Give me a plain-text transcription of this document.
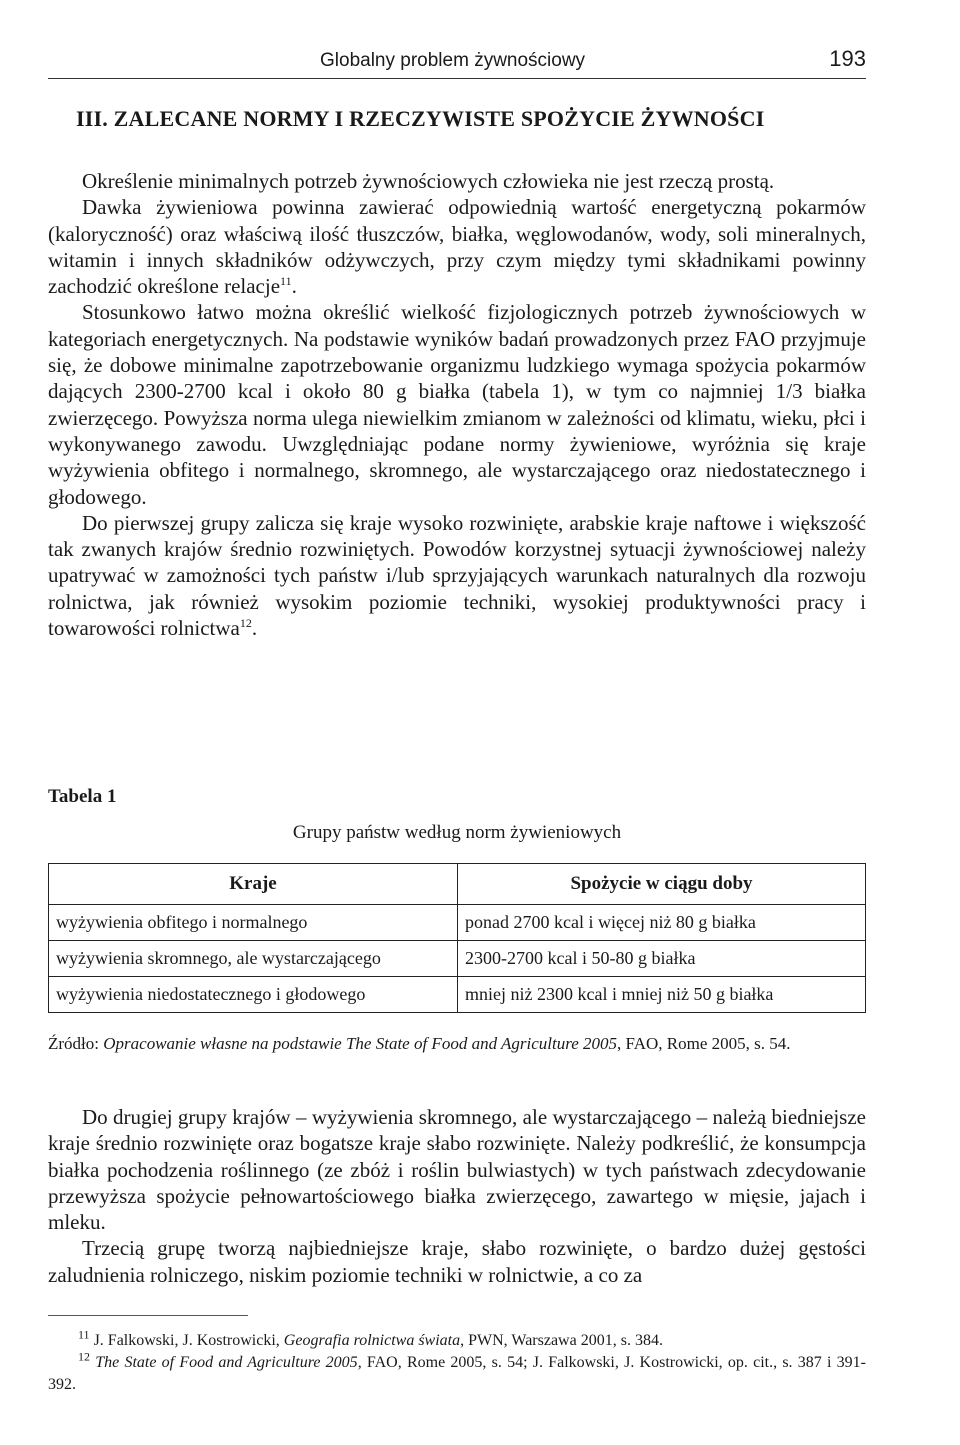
Globalny problem żywnościowy	193
III. ZALECANE NORMY I RZECZYWISTE SPOŻYCIE ŻYWNOŚCI

Określenie minimalnych potrzeb żywnościowych człowieka nie jest rzeczą prostą.

Dawka żywieniowa powinna zawierać odpowiednią wartość energetyczną pokarmów (kaloryczność) oraz właściwą ilość tłuszczów, białka, węglowodanów, wody, soli mineralnych, witamin i innych składników odżywczych, przy czym między tymi składnikami powinny zachodzić określone relacje$^{11}$.

Stosunkowo łatwo można określić wielkość fizjologicznych potrzeb żywnościowych w kategoriach energetycznych. Na podstawie wyników badań prowadzonych przez FAO przyjmuje się, że dobowe minimalne zapotrzebowanie organizmu ludzkiego wymaga spożycia pokarmów dających 2300-2700 kcal i około 80 g białka (tabela 1), w tym co najmniej 1/3 białka zwierzęcego. Powyższa norma ulega niewielkim zmianom w zależności od klimatu, wieku, płci i wykonywanego zawodu. Uwzględniając podane normy żywieniowe, wyróżnia się kraje wyżywienia obfitego i normalnego, skromnego, ale wystarczającego oraz niedostatecznego i głodowego.

Do pierwszej grupy zalicza się kraje wysoko rozwinięte, arabskie kraje naftowe i większość tak zwanych krajów średnio rozwiniętych. Powodów korzystnej sytuacji żywnościowej należy upatrywać w zamożności tych państw i/lub sprzyjających warunkach naturalnych dla rozwoju rolnictwa, jak również wysokim poziomie techniki, wysokiej produktywności pracy i towarowości rolnictwa$^{12}$.

Tabela 1
Grupy państw według norm żywieniowych
Kraje	Spożycie w ciągu doby
wyżywienia obfitego i normalnego	ponad 2700 kcal i więcej niż 80 g białka
wyżywienia skromnego, ale wystarczającego	2300-2700 kcal i 50-80 g białka
wyżywienia niedostatecznego i głodowego	mniej niż 2300 kcal i mniej niż 50 g białka
Źródło: Opracowanie własne na podstawie The State of Food and Agriculture 2005, FAO, Rome 2005, s. 54.

Do drugiej grupy krajów – wyżywienia skromnego, ale wystarczającego – należą biedniejsze kraje średnio rozwinięte oraz bogatsze kraje słabo rozwinięte. Należy podkreślić, że konsumpcja białka pochodzenia roślinnego (ze zbóż i roślin bulwiastych) w tych państwach zdecydowanie przewyższa spożycie pełnowartościowego białka zwierzęcego, zawartego w mięsie, jajach i mleku.

Trzecią grupę tworzą najbiedniejsze kraje, słabo rozwinięte, o bardzo dużej gęstości zaludnienia rolniczego, niskim poziomie techniki w rolnictwie, a co za

$^{11}$ J. Falkowski, J. Kostrowicki, Geografia rolnictwa świata, PWN, Warszawa 2001, s. 384.

$^{12}$ The State of Food and Agriculture 2005, FAO, Rome 2005, s. 54; J. Falkowski, J. Kostrowicki, op. cit., s. 387 i 391-392.
